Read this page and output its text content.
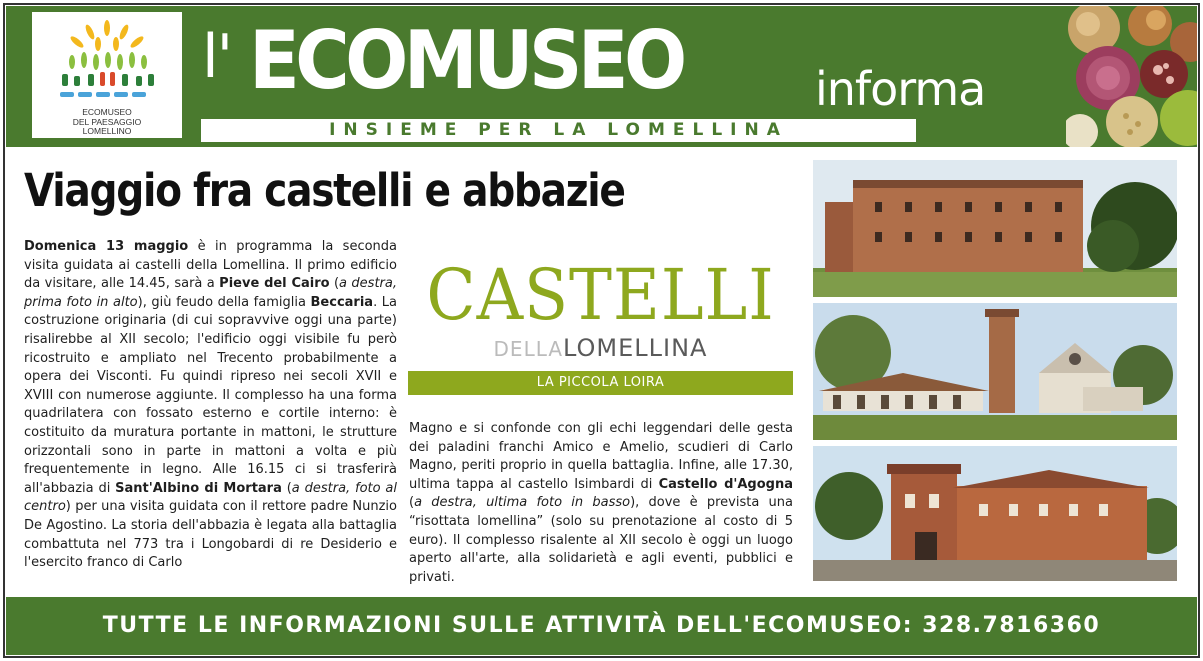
ECOMUSEO
DEL PAESAGGIO
LOMELLINO
l' ECOMUSEO	informa
INSIEME PER LA LOMELLINA
Viaggio fra castelli e abbazie
Domenica 13 maggio è in programma la seconda visita guidata ai castelli della Lomellina. Il primo edificio da visitare, alle 14.45, sarà a Pieve del Cairo (a destra, prima foto in alto), giù feudo della famiglia Beccaria. La costruzione originaria (di cui sopravvive oggi una parte) risalirebbe al XII secolo; l'edificio oggi visibile fu però ricostruito e ampliato nel Trecento probabilmente a opera dei Visconti. Fu quindi ripreso nei secoli XVII e XVIII con numerose aggiunte. Il complesso ha una forma quadrilatera con fossato esterno e cortile interno: è costituito da muratura portante in mattoni, le strutture orizzontali sono in parte in mattoni a volta e più frequentemente in legno. Alle 16.15 ci si trasferirà all'abbazia di Sant'Albino di Mortara (a destra, foto al centro) per una visita guidata con il rettore padre Nunzio De Agostino. La storia dell'abbazia è legata alla battaglia combattuta nel 773 tra i Longobardi di re Desiderio e l'esercito franco di Carlo
CASTELLI
DELLALOMELLINA
LA PICCOLA LOIRA
Magno e si confonde con gli echi leggendari delle gesta dei paladini franchi Amico e Amelio, scudieri di Carlo Magno, periti proprio in quella battaglia. Infine, alle 17.30, ultima tappa al castello Isimbardi di Castello d'Agogna (a destra, ultima foto in basso), dove è prevista una “risottata lomellina” (solo su prenotazione al costo di 5 euro). Il complesso risalente al XII secolo è oggi un luogo aperto all'arte, alla solidarietà e agli eventi, pubblici e privati.
TUTTE LE INFORMAZIONI SULLE ATTIVITÀ DELL'ECOMUSEO: 328.7816360
